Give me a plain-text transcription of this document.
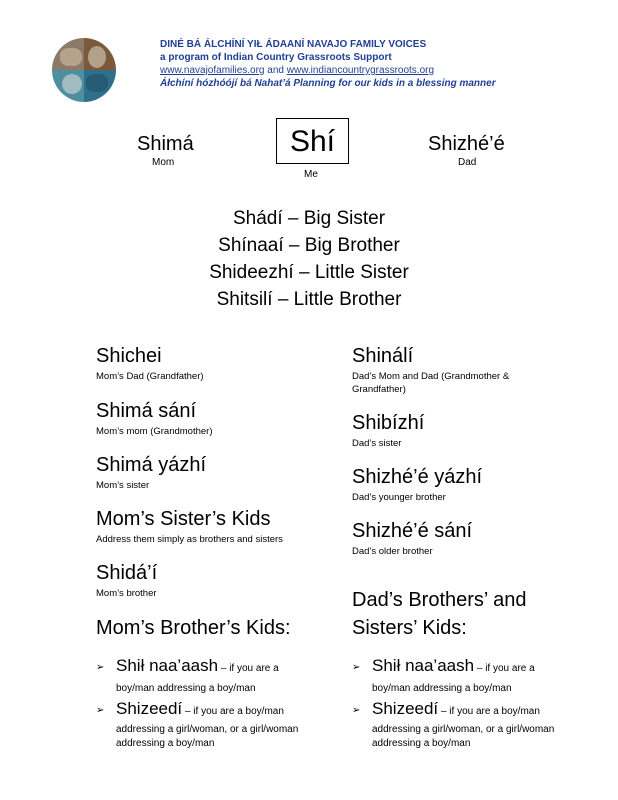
DINÉ BÁ ÁLCHÍNÍ YIŁ ÁDAANÍ NAVAJO FAMILY VOICES
a program of Indian Country Grassroots Support
www.navajofamilies.org and www.indiancountrygrassroots.org
Áłchíní hózhóójí bá Nahat’á Planning for our kids in a blessing manner
Shimá
Mom
Shí
Me
Shizhé’é
Dad
Shádí – Big Sister
Shínaaí – Big Brother
Shideezhí – Little Sister
Shitsilí – Little Brother
Shichei
Mom’s Dad (Grandfather)
Shimá sání
Mom’s mom (Grandmother)
Shimá yázhí
Mom’s sister
Mom’s Sister’s Kids
Address them simply as brothers and sisters
Shidá’í
Mom’s brother
Mom’s Brother’s Kids:
➢ Shił naa’aash – if you are a
boy/man addressing a boy/man
➢ Shizeedí – if you are a boy/man
addressing a girl/woman, or a girl/woman
addressing a boy/man
Shinálí
Dad’s Mom and Dad (Grandmother &
Grandfather)
Shibízhí
Dad’s sister
Shizhé’é yázhí
Dad’s younger brother
Shizhé’é sání
Dad’s older brother
Dad’s Brothers’ and
Sisters’ Kids:
➢ Shił naa’aash – if you are a
boy/man addressing a boy/man
➢ Shizeedí – if you are a boy/man
addressing a girl/woman, or a girl/woman
addressing a boy/man
